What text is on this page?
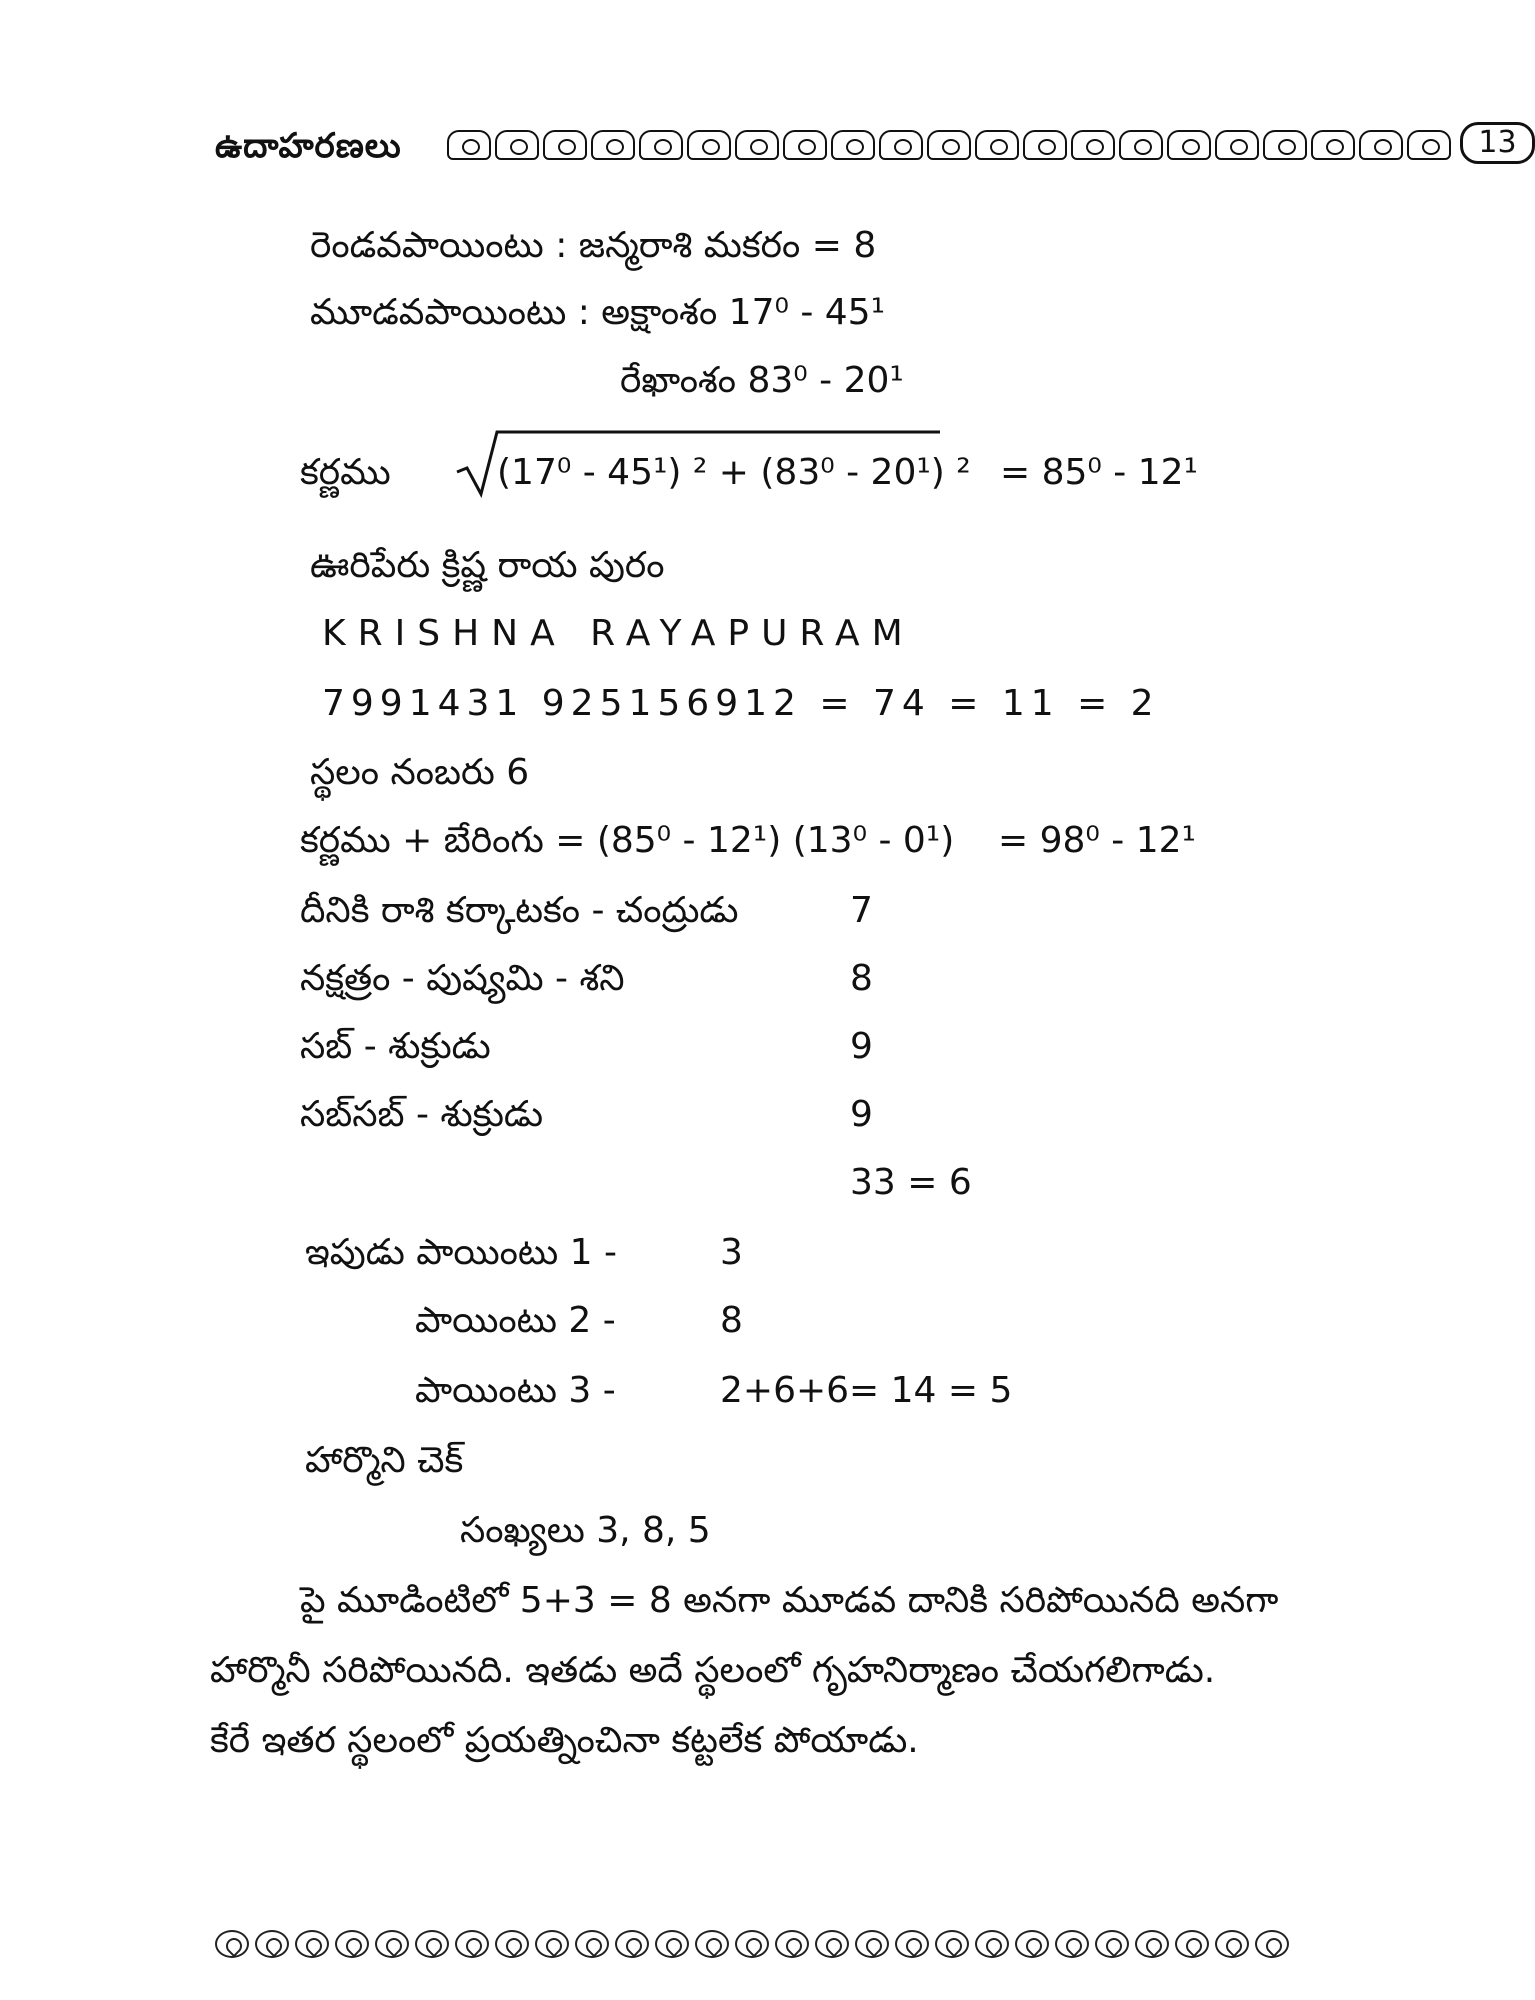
ఉదాహరణలు	13
రెండవపాయింటు : జన్మరాశి మకరం = 8
మూడవపాయింటు : అక్షాంశం 17⁰ - 45¹
రేఖాంశం 83⁰ - 20¹
కర్ణము	(17⁰ - 45¹) ² + (83⁰ - 20¹) ² = 85⁰ - 12¹
ఊరిపేరు క్రిష్ణ రాయ పురం
KRISHNA RAYAPURAM
7991431 925156912 = 74 = 11 = 2
స్థలం నంబరు 6
కర్ణము + బేరింగు = (85⁰ - 12¹) (13⁰ - 0¹) = 98⁰ - 12¹
దీనికి రాశి కర్కాటకం - చంద్రుడు	7
నక్షత్రం - పుష్యమి - శని	8
సబ్ - శుక్రుడు	9
సబ్‌సబ్ - శుక్రుడు	9
33 = 6
ఇపుడు పాయింటు 1 -	3
పాయింటు 2 -	8
పాయింటు 3 -	2+6+6= 14 = 5
హార్మొని చెక్
సంఖ్యలు 3, 8, 5
పై మూడింటిలో 5+3 = 8 అనగా మూడవ దానికి సరిపోయినది అనగా
హార్మొనీ సరిపోయినది. ఇతడు అదే స్థలంలో గృహనిర్మాణం చేయగలిగాడు.
కేరే ఇతర స్థలంలో ప్రయత్నించినా కట్టలేక పోయాడు.
